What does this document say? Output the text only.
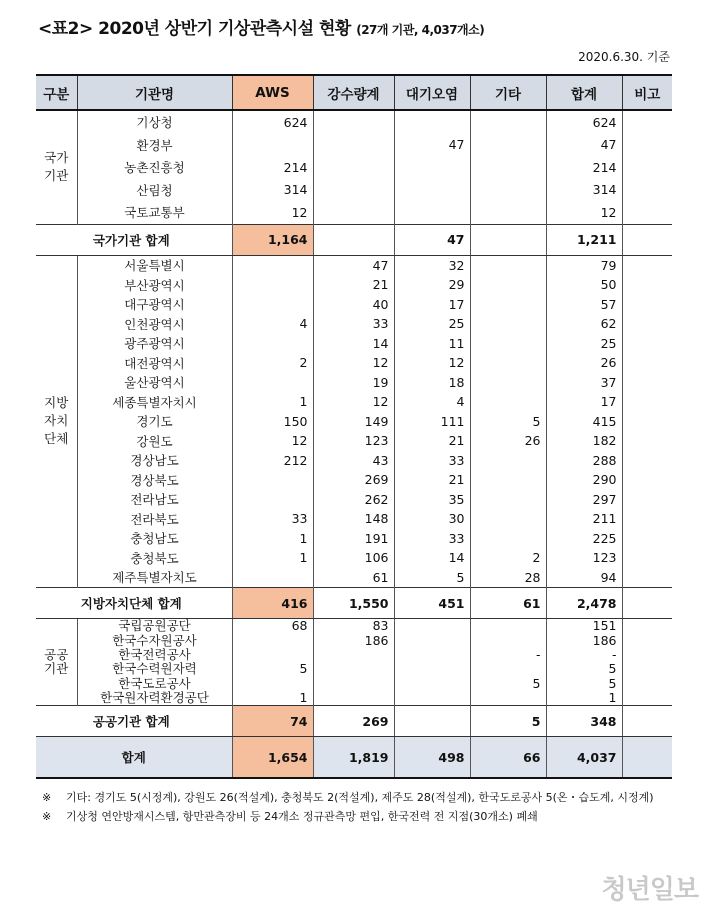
<표2> 2020년 상반기 기상관측시설 현황 (27개 기관, 4,037개소)
2020.6.30. 기준
구분	기관명	AWS	강수량계	대기오염	기타	합계	비고
국가
기관	기상청	624				624	
	환경부			47		47	
	농촌진흥청	214				214	
	산림청	314				314	
	국토교통부	12				12	
국가기관 합계		1,164		47		1,211	
지방
자치
단체	서울특별시		47	32		79	
	부산광역시		21	29		50	
	대구광역시		40	17		57	
	인천광역시	4	33	25		62	
	광주광역시		14	11		25	
	대전광역시	2	12	12		26	
	울산광역시		19	18		37	
	세종특별자치시	1	12	4		17	
	경기도	150	149	111	5	415	
	강원도	12	123	21	26	182	
	경상남도	212	43	33		288	
	경상북도		269	21		290	
	전라남도		262	35		297	
	전라북도	33	148	30		211	
	충청남도	1	191	33		225	
	충청북도	1	106	14	2	123	
	제주특별자치도		61	5	28	94	
지방자치단체 합계		416	1,550	451	61	2,478	
공공
기관	국립공원공단	68	83			151	
	한국수자원공사		186			186	
	한국전력공사				-	-	
	한국수력원자력	5				5	
	한국도로공사				5	5	
	한국원자력환경공단	1				1	
공공기관 합계		74	269		5	348	
합계		1,654	1,819	498	66	4,037	

※ 기타: 경기도 5(시정계), 강원도 26(적설계), 충청북도 2(적설계), 제주도 28(적설계), 한국도로공사 5(온・습도계, 시정계)

※ 기상청 연안방재시스템, 항만관측장비 등 24개소 정규관측망 편입, 한국전력 전 지점(30개소) 폐쇄

청년일보
